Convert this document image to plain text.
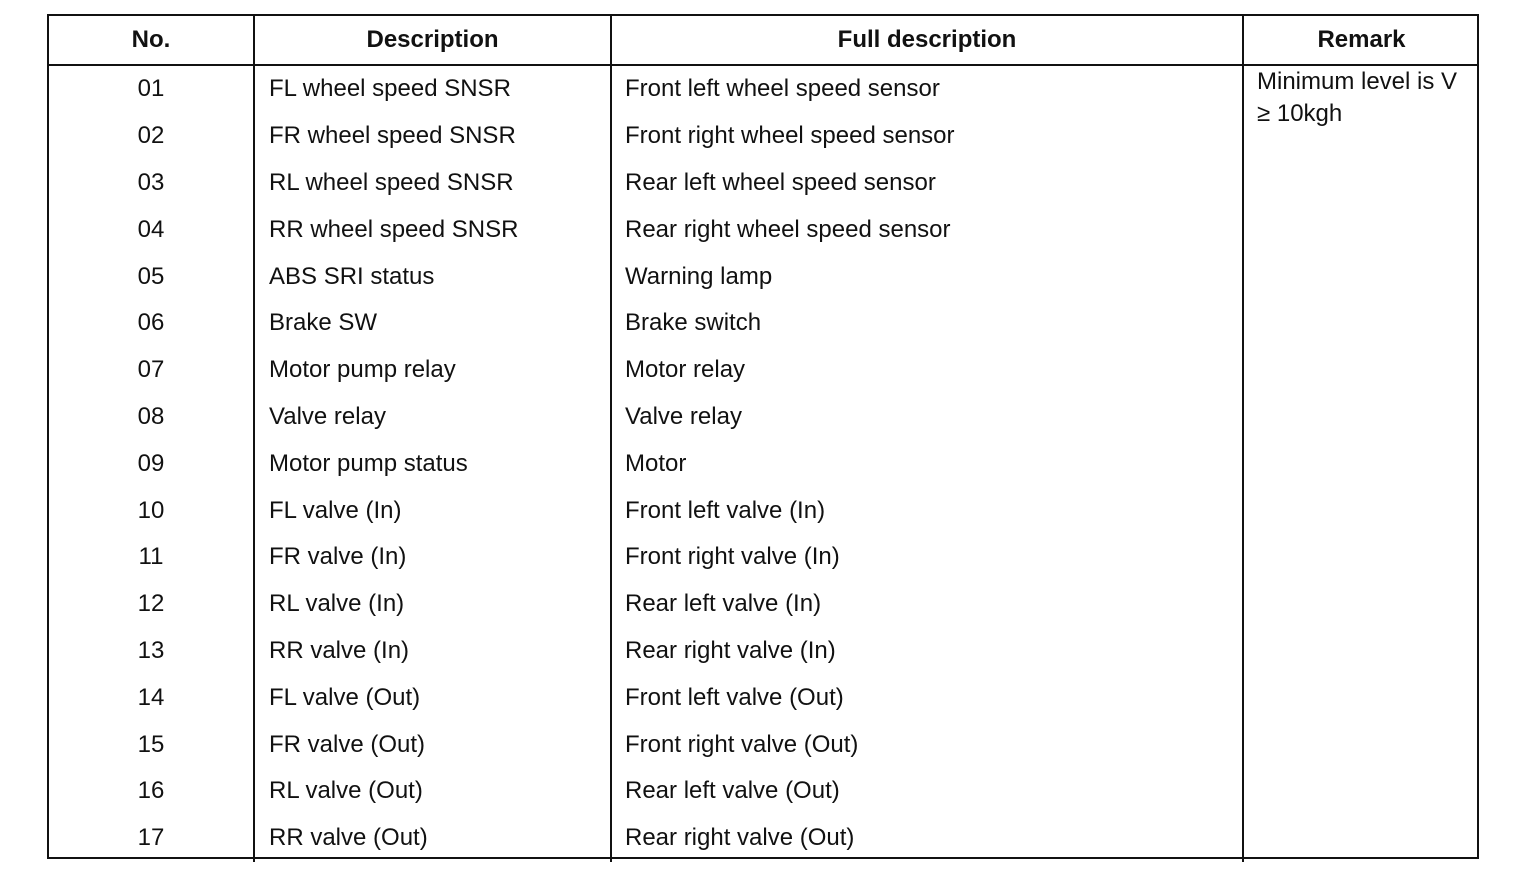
No.	Description	Full description	Remark
01	FL wheel speed SNSR	Front left wheel speed sensor	Minimum level is V ≥ 10kgh
02	FR wheel speed SNSR	Front right wheel speed sensor	
03	RL wheel speed SNSR	Rear left wheel speed sensor	
04	RR wheel speed SNSR	Rear right wheel speed sensor	
05	ABS SRI status	Warning lamp	
06	Brake SW	Brake switch	
07	Motor pump relay	Motor relay	
08	Valve relay	Valve relay	
09	Motor pump status	Motor	
10	FL valve (In)	Front left valve (In)	
11	FR valve (In)	Front right valve (In)	
12	RL valve (In)	Rear left valve (In)	
13	RR valve (In)	Rear right valve (In)	
14	FL valve (Out)	Front left valve (Out)	
15	FR valve (Out)	Front right valve (Out)	
16	RL valve (Out)	Rear left valve (Out)	
17	RR valve (Out)	Rear right valve (Out)	
